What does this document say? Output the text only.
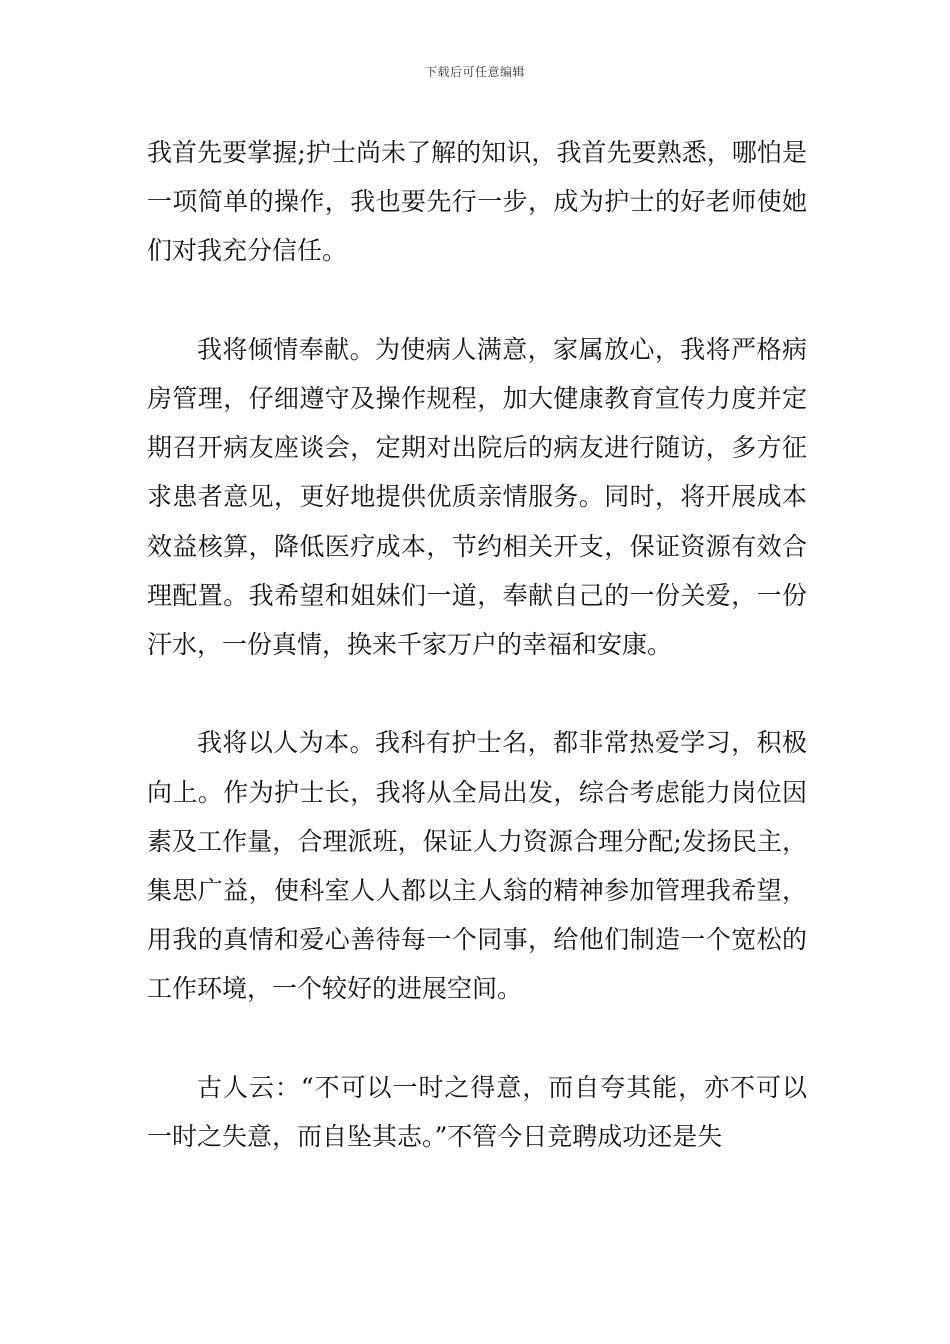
下载后可任意编辑

我首先要掌握;护士尚未了解的知识，我首先要熟悉，哪怕是一项简单的操作，我也要先行一步，成为护士的好老师使她们对我充分信任。

我将倾情奉献。为使病人满意，家属放心，我将严格病房管理，仔细遵守及操作规程，加大健康教育宣传力度并定期召开病友座谈会，定期对出院后的病友进行随访，多方征求患者意见，更好地提供优质亲情服务。同时，将开展成本效益核算，降低医疗成本，节约相关开支，保证资源有效合理配置。我希望和姐妹们一道，奉献自己的一份关爱，一份汗水，一份真情，换来千家万户的幸福和安康。

我将以人为本。我科有护士名，都非常热爱学习，积极向上。作为护士长，我将从全局出发，综合考虑能力岗位因素及工作量，合理派班，保证人力资源合理分配;发扬民主，集思广益，使科室人人都以主人翁的精神参加管理我希望，用我的真情和爱心善待每一个同事，给他们制造一个宽松的工作环境，一个较好的进展空间。

古人云：“不可以一时之得意，而自夸其能，亦不可以一时之失意，而自坠其志。”不管今日竞聘成功还是失
